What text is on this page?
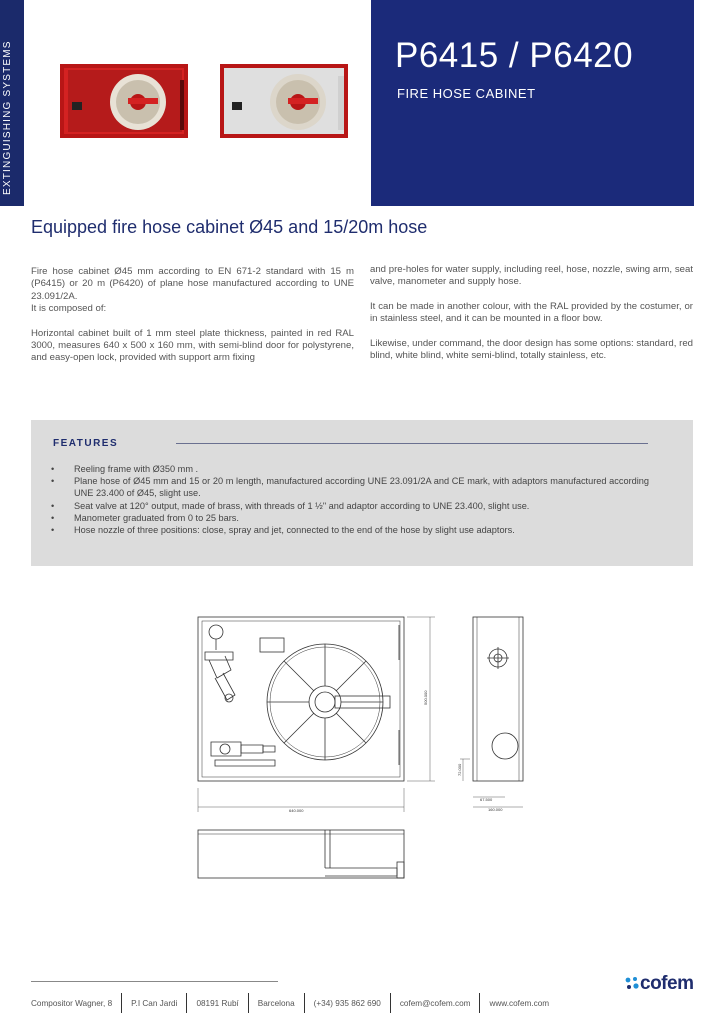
EXTINGUISHING SYSTEMS	P6415 / P6420
FIRE HOSE CABINET
Equipped fire hose cabinet Ø45 and 15/20m hose

Fire hose cabinet Ø45 mm according to EN 671-2 standard with 15 m (P6415) or 20 m (P6420) of plane hose manufactured according to UNE 23.091/2A.

It is composed of:

Horizontal cabinet built of 1 mm steel plate thickness, painted in red RAL 3000, measures 640 x 500 x 160 mm, with semi-blind door for polystyrene, and easy-open lock, provided with support arm fixing

and pre-holes for water supply, including reel, hose, nozzle, swing arm, seat valve, manometer and supply hose.

It can be made in another colour, with the RAL provided by the costumer, or in stainless steel, and it can be mounted in a floor bow.

Likewise, under command, the door design has some options: standard, red blind, white blind, white semi-blind, totally stainless, etc.

FEATURES
• Reeling frame with Ø350 mm .
• Plane hose of Ø45 mm and 15 or 20 m length, manufactured according UNE 23.091/2A and CE mark, with adaptors manufactured according UNE 23.400 of Ø45, slight use.
• Seat valve at 120° output, made of brass, with threads of 1 ½" and adaptor according to UNE 23.400, slight use.
• Manometer graduated from 0 to 25 bars.
• Hose nozzle of three positions: close, spray and jet, connected to the end of the hose by slight use adaptors.
640.000
500.000
72.000
67.500
160.000
Compositor Wagner, 8 P.I Can Jardi 08191 Rubí Barcelona (+34) 935 862 690 cofem@cofem.com www.cofem.com
cofem
